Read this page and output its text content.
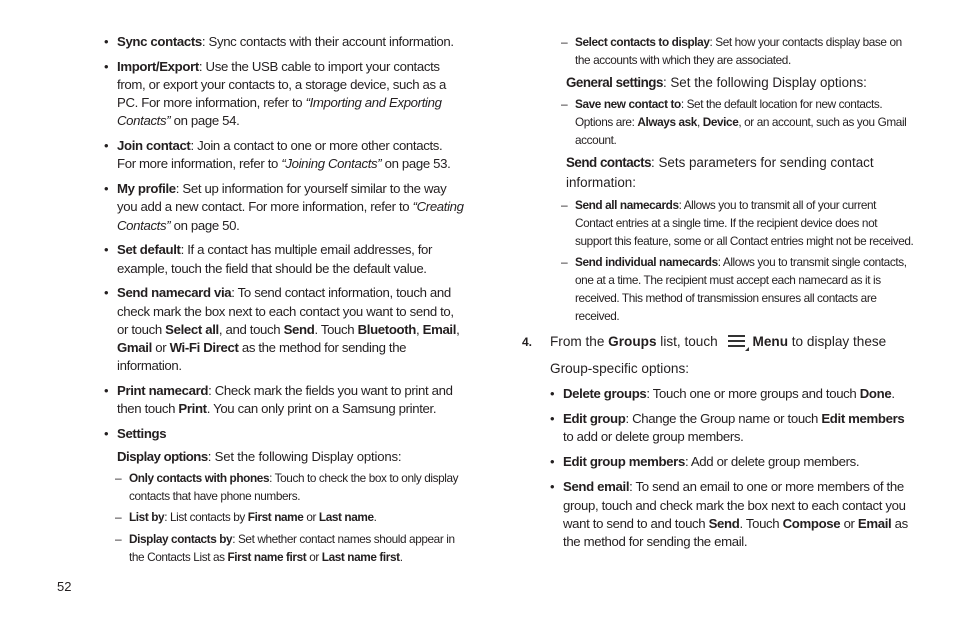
• Sync contacts: Sync contacts with their account information.
• Import/Export: Use the USB cable to import your contacts from, or export your contacts to, a storage device, such as a PC. For more information, refer to “Importing and Exporting Contacts” on page 54.
• Join contact: Join a contact to one or more other contacts. For more information, refer to “Joining Contacts” on page 53.
• My profile: Set up information for yourself similar to the way you add a new contact. For more information, refer to “Creating Contacts” on page 50.
• Set default: If a contact has multiple email addresses, for example, touch the field that should be the default value.
• Send namecard via: To send contact information, touch and check mark the box next to each contact you want to send to, or touch Select all, and touch Send. Touch Bluetooth, Email, Gmail or Wi-Fi Direct as the method for sending the information.
• Print namecard: Check mark the fields you want to print and then touch Print. You can only print on a Samsung printer.
• Settings
Display options: Set the following Display options:
– Only contacts with phones: Touch to check the box to only display contacts that have phone numbers.
– List by: List contacts by First name or Last name.
– Display contacts by: Set whether contact names should appear in the Contacts List as First name first or Last name first.
– Select contacts to display: Set how your contacts display base on the accounts with which they are associated.
General settings: Set the following Display options:
– Save new contact to: Set the default location for new contacts. Options are: Always ask, Device, or an account, such as you Gmail account.
Send contacts: Sets parameters for sending contact information:
– Send all namecards: Allows you to transmit all of your current Contact entries at a single time. If the recipient device does not support this feature, some or all Contact entries might not be received.
– Send individual namecards: Allows you to transmit single contacts, one at a time. The recipient must accept each namecard as it is received. This method of transmission ensures all contacts are received.
4. From the Groups list, touch
Menu to display these Group-specific options:
• Delete groups: Touch one or more groups and touch Done.
• Edit group: Change the Group name or touch Edit members to add or delete group members.
• Edit group members: Add or delete group members.
• Send email: To send an email to one or more members of the group, touch and check mark the box next to each contact you want to send to and touch Send. Touch Compose or Email as the method for sending the email.
52
